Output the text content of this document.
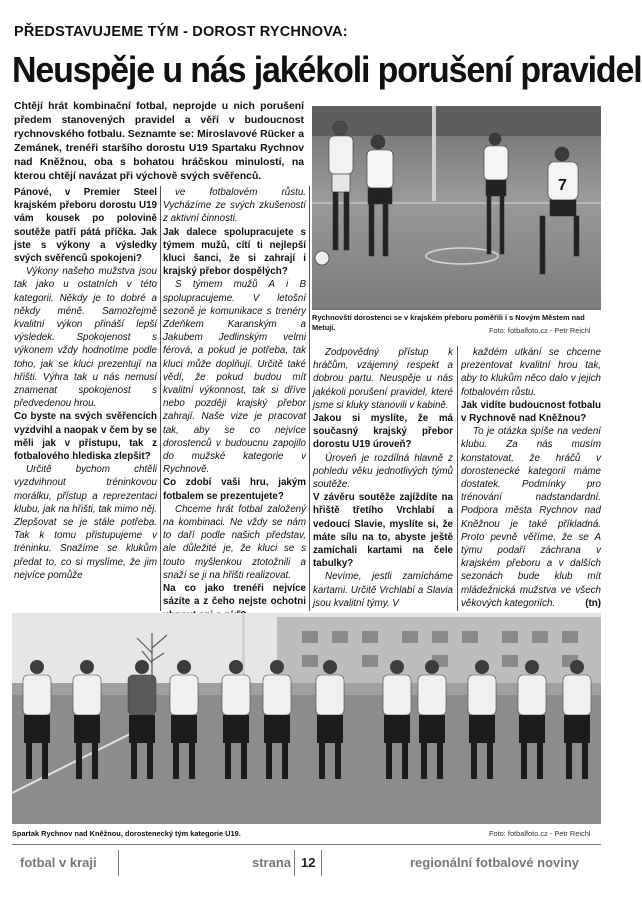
PŘEDSTAVUJEME TÝM - DOROST RYCHNOVA:
Neuspěje u nás jakékoli porušení pravidel
Chtějí hrát kombinační fotbal, neprojde u nich porušení předem stanovených pravidel a věří v budoucnost rychnovského fotbalu. Seznamte se: Miroslavové Rücker a Zemánek, trenéři staršího dorostu U19 Spartaku Rychnov nad Kněžnou, oba s bohatou hráčskou minulostí, na kterou chtějí navázat při výchově svých svěřenců.
7
Rychnovští dorostenci se v krajském přeboru poměřili i s Novým Městem nad Metují.	Foto: fotbalfoto.cz - Petr Reichl

Pánové, v Premier Steel krajském přeboru dorostu U19 vám kousek po polovině soutěže patří pátá příčka. Jak jste s výkony a výsledky svých svěřenců spokojeni?

Výkony našeho mužstva jsou tak jako u ostatních v této kategorii. Někdy je to dobré a někdy méně. Samozřejmě kvalitní výkon přináší lepší výsledek. Spokojenost s výkonem vždy hodnotíme podle toho, jak se kluci prezentují na hřišti. Výhra tak u nás nemusí znamenat spokojenost s předvedenou hrou.

Co byste na svých svěřencích vyzdvihl a naopak v čem by se měli jak v přístupu, tak z fotbalového hlediska zlepšit?

Určitě bychom chtěli vyzdvihnout tréninkovou morálku, přístup a reprezentaci klubu, jak na hřišti, tak mimo něj. Zlepšovat se je stále potřeba. Tak k tomu přistupujeme v tréninku. Snažíme se klukům předat to, co si myslíme, že jim nejvíce pomůže

ve fotbalovém růstu. Vycházíme ze svých zkušeností z aktivní činnosti.

Jak dalece spolupracujete s týmem mužů, cítí ti nejlepší kluci šanci, že si zahrají i krajský přebor dospělých?

S týmem mužů A i B spolupracujeme. V letošní sezoně je komunikace s trenéry Zdeňkem Karanským a Jakubem Jedlinským velmi férová, a pokud je potřeba, tak kluci může doplňují. Určitě také vědí, že pokud budou mít kvalitní výkonnost, tak si dříve nebo později krajský přebor zahrají. Naše vize je pracovat tak, aby se co nejvíce dorostenců v budoucnu zapojilo do mužské kategorie v Rychnově.

Co zdobí vaši hru, jakým fotbalem se prezentujete?

Chceme hrát fotbal založený na kombinaci. Ne vždy se nám to daří podle našich představ, ale důležité je, že kluci se s touto myšlenkou ztotožnili a snaží se ji na hřišti realizovat.

Na co jako trenéři nejvíce sázíte a z čeho nejste ochotni

Zodpovědný přístup k hráčům, vzájemný respekt a dobrou partu. Neuspěje u nás jakékoli porušení pravidel, které jsme si kluky stanovili v kabině.

Jakou si myslíte, že má současný krajský přebor dorostu U19 úroveň?

Úroveň je rozdílná hlavně z pohledu věku jednotlivých týmů soutěže.

V závěru soutěže zajíždíte na hřiště třetího Vrchlabí a vedoucí Slavie, myslíte si, že máte sílu na to, abyste ještě zamíchali kartami na čele tabulky?

Nevíme, jestli zamícháme kartami. Určitě Vrchlabí a Slavia jsou kvalitní týmy. V

každém utkání se chceme prezentovat kvalitní hrou tak, aby to klukům něco dalo v jejich fotbalovém růstu.

Jak vidíte budoucnost fotbalu v Rychnově nad Kněžnou?

To je otázka spíše na vedení klubu. Za nás musím konstatovat, že hráčů v dorostenecké kategorii máme dostatek. Podmínky pro trénování nadstandardní. Podpora města Rychnov nad Kněžnou je také příkladná. Proto pevně věříme, že se A týmu podaří záchrana v krajském přeboru a v dalších sezonách bude klub mít mládežnická mužstva ve všech věkových kategoriích.	(tn)

Spartak Rychnov nad Kněžnou, dorostenecký tým kategorie U19.	Foto: fotbalfoto.cz - Petr Reichl
fotbal v kraji	strana 12	regionální fotbalové noviny
